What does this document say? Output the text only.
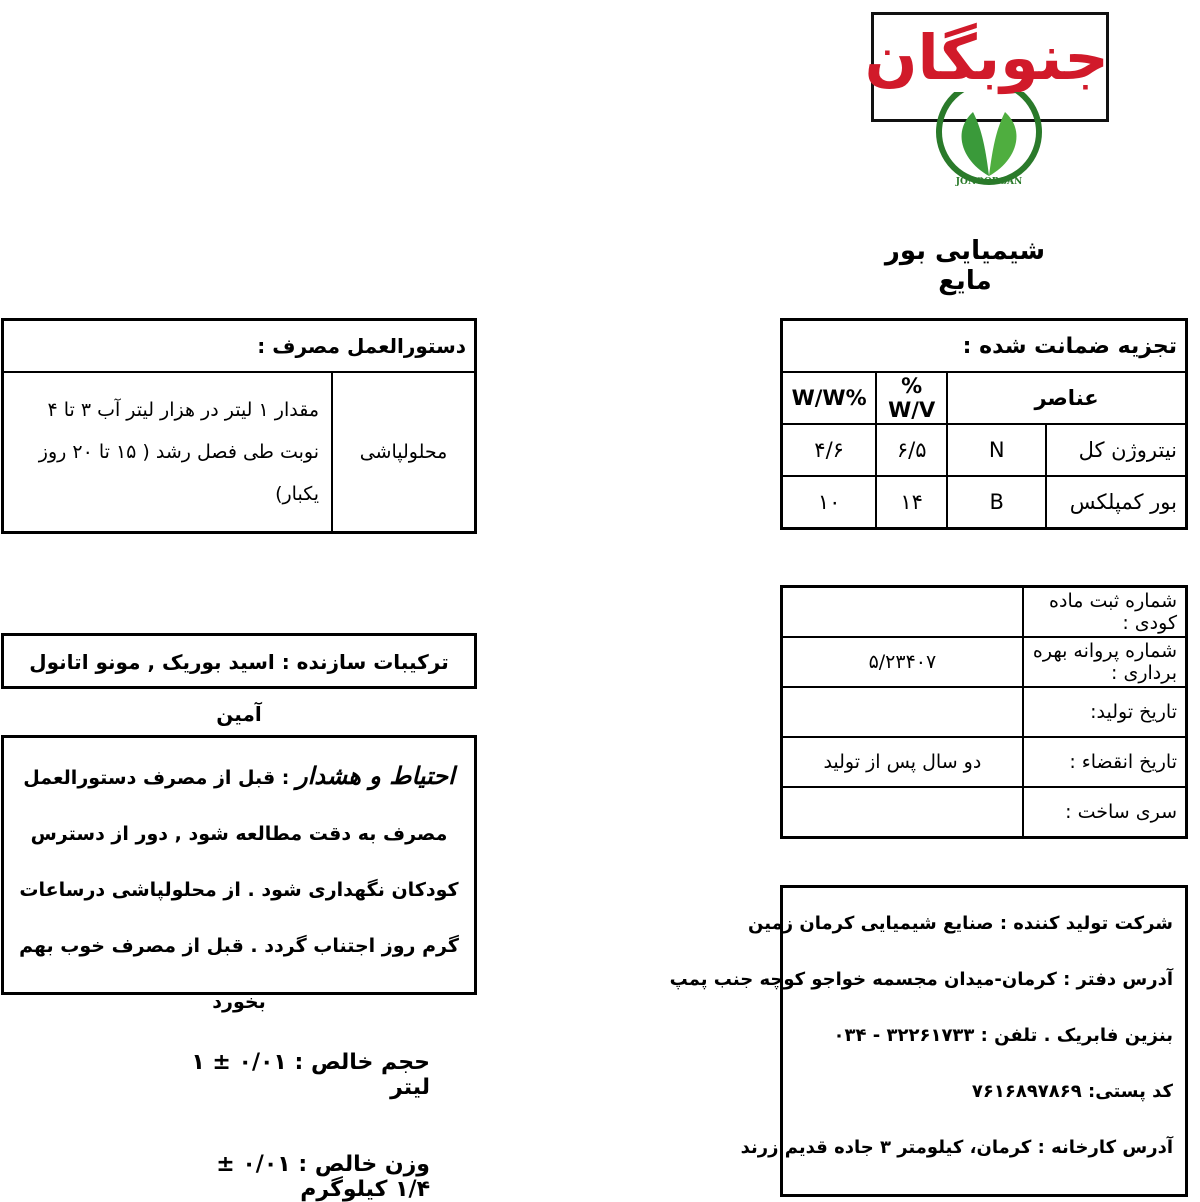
جنوبگان
JONOORGAN
شیمیایی بور مایع
تجزیه ضمانت شده :			
عناصر		% W/V	%W/W
نیتروژن کل	N	۶/۵	۴/۶
بور کمپلکس	B	۱۴	۱۰
شماره ثبت ماده کودی :	
شماره پروانه بهره برداری :	۵/۲۳۴۰۷
تاریخ تولید:	
تاریخ انقضاء :	دو سال پس از تولید
سری ساخت :	
دستورالعمل مصرف :
محلولپاشی	مقدار ۱ لیتر در هزار لیتر آب ۳ تا ۴ نوبت طی فصل رشد ( ۱۵ تا ۲۰ روز یکبار)
ترکیبات سازنده : اسید بوریک , مونو اتانول آمین
احتیاط و هشدار : قبل از مصرف دستورالعمل مصرف به دقت مطالعه شود , دور از دسترس کودکان نگهداری شود . از محلولپاشی درساعات گرم روز اجتناب گردد . قبل از مصرف خوب بهم بخورد
شرکت تولید کننده : صنایع شیمیایی کرمان زمین
آدرس دفتر : کرمان-میدان مجسمه خواجو کوچه جنب پمپ
بنزین فابریک . تلفن : ۳۲۲۶۱۷۳۳ - ۰۳۴
کد پستی: ۷۶۱۶۸۹۷۸۶۹
آدرس کارخانه : کرمان، کیلومتر ۳ جاده قدیم زرند
حجم خالص : ۰/۰۱ ± ۱ لیتر
وزن خالص : ۰/۰۱ ± ۱/۴ کیلوگرم
